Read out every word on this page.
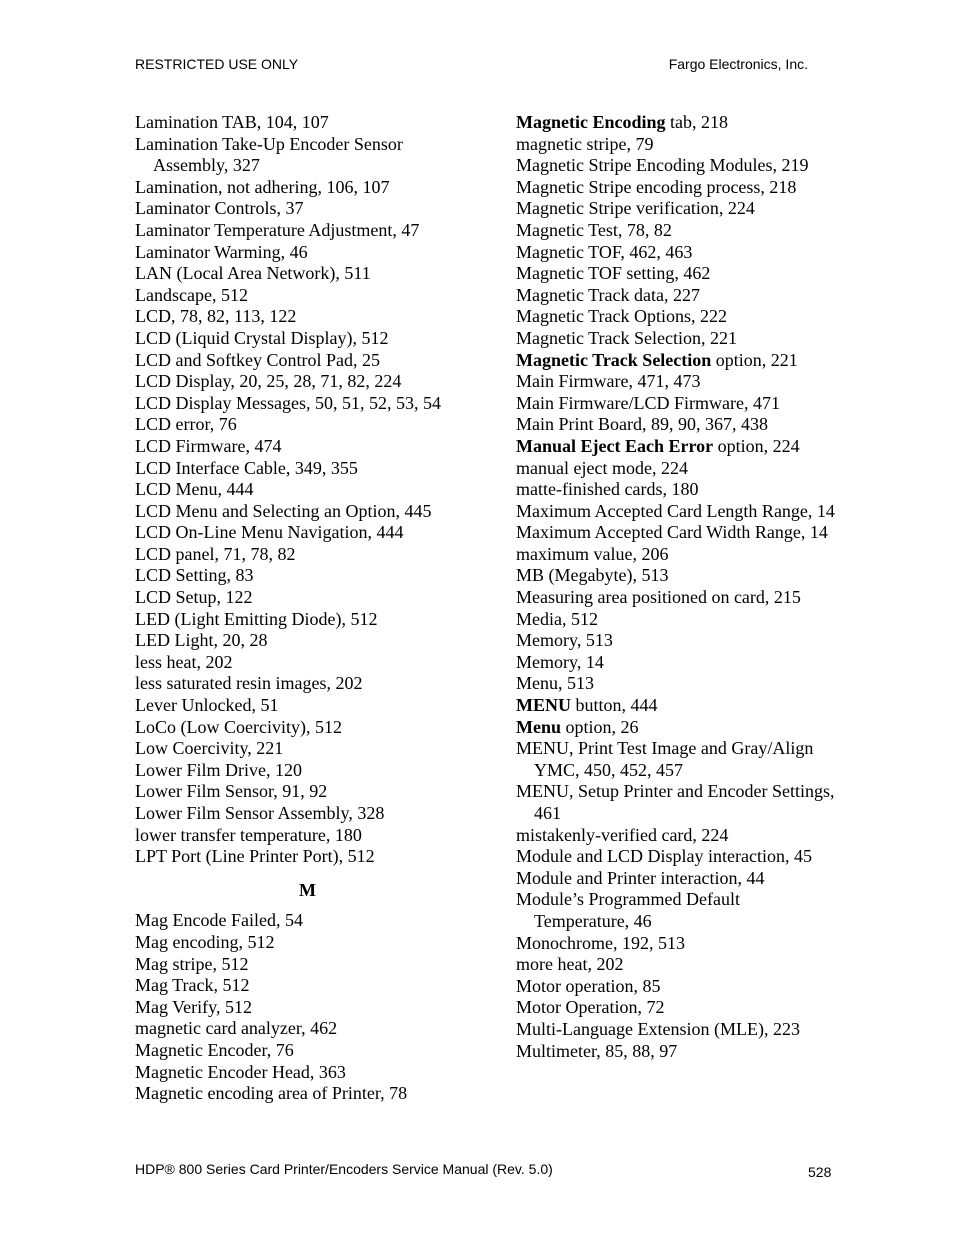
RESTRICTED USE ONLY	Fargo Electronics, Inc.
Lamination TAB, 104, 107
Lamination Take-Up Encoder Sensor Assembly, 327
Lamination, not adhering, 106, 107
Laminator Controls, 37
Laminator Temperature Adjustment, 47
Laminator Warming, 46
LAN (Local Area Network), 511
Landscape, 512
LCD, 78, 82, 113, 122
LCD (Liquid Crystal Display), 512
LCD and Softkey Control Pad, 25
LCD Display, 20, 25, 28, 71, 82, 224
LCD Display Messages, 50, 51, 52, 53, 54
LCD error, 76
LCD Firmware, 474
LCD Interface Cable, 349, 355
LCD Menu, 444
LCD Menu and Selecting an Option, 445
LCD On-Line Menu Navigation, 444
LCD panel, 71, 78, 82
LCD Setting, 83
LCD Setup, 122
LED (Light Emitting Diode), 512
LED Light, 20, 28
less heat, 202
less saturated resin images, 202
Lever Unlocked, 51
LoCo (Low Coercivity), 512
Low Coercivity, 221
Lower Film Drive, 120
Lower Film Sensor, 91, 92
Lower Film Sensor Assembly, 328
lower transfer temperature, 180
LPT Port (Line Printer Port), 512
M
Mag Encode Failed, 54
Mag encoding, 512
Mag stripe, 512
Mag Track, 512
Mag Verify, 512
magnetic card analyzer, 462
Magnetic Encoder, 76
Magnetic Encoder Head, 363
Magnetic encoding area of Printer, 78
Magnetic Encoding tab, 218
magnetic stripe, 79
Magnetic Stripe Encoding Modules, 219
Magnetic Stripe encoding process, 218
Magnetic Stripe verification, 224
Magnetic Test, 78, 82
Magnetic TOF, 462, 463
Magnetic TOF setting, 462
Magnetic Track data, 227
Magnetic Track Options, 222
Magnetic Track Selection, 221
Magnetic Track Selection option, 221
Main Firmware, 471, 473
Main Firmware/LCD Firmware, 471
Main Print Board, 89, 90, 367, 438
Manual Eject Each Error option, 224
manual eject mode, 224
matte-finished cards, 180
Maximum Accepted Card Length Range, 14
Maximum Accepted Card Width Range, 14
maximum value, 206
MB (Megabyte), 513
Measuring area positioned on card, 215
Media, 512
Memory, 513
Memory, 14
Menu, 513
MENU button, 444
Menu option, 26
MENU, Print Test Image and Gray/Align YMC, 450, 452, 457
MENU, Setup Printer and Encoder Settings, 461
mistakenly-verified card, 224
Module and LCD Display interaction, 45
Module and Printer interaction, 44
Module’s Programmed Default Temperature, 46
Monochrome, 192, 513
more heat, 202
Motor operation, 85
Motor Operation, 72
Multi-Language Extension (MLE), 223
Multimeter, 85, 88, 97
HDP® 800 Series Card Printer/Encoders Service Manual (Rev. 5.0)	528
